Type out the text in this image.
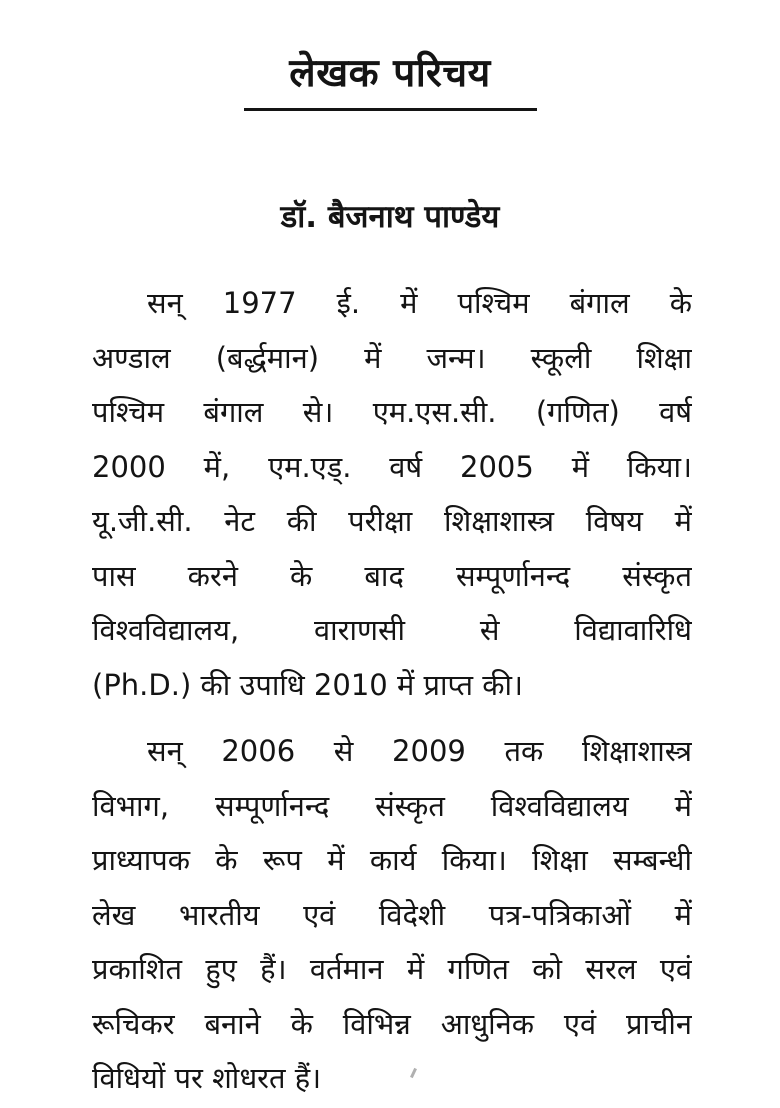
लेखक परिचय
डॉ. बैजनाथ पाण्डेय
सन् 1977 ई. में पश्चिम बंगाल के
अण्डाल (बर्द्धमान) में जन्म। स्कूली शिक्षा
पश्चिम बंगाल से। एम.एस.सी. (गणित) वर्ष
2000 में, एम.एड्. वर्ष 2005 में किया।
यू.जी.सी. नेट की परीक्षा शिक्षाशास्त्र विषय में
पास करने के बाद सम्पूर्णानन्द संस्कृत
विश्वविद्यालय, वाराणसी से विद्यावारिधि
(Ph.D.) की उपाधि 2010 में प्राप्त की।
सन् 2006 से 2009 तक शिक्षाशास्त्र
विभाग, सम्पूर्णानन्द संस्कृत विश्वविद्यालय में
प्राध्यापक के रूप में कार्य किया। शिक्षा सम्बन्धी
लेख भारतीय एवं विदेशी पत्र-पत्रिकाओं में
प्रकाशित हुए हैं। वर्तमान में गणित को सरल एवं
रूचिकर बनाने के विभिन्न आधुनिक एवं प्राचीन
विधियों पर शोधरत हैं।
